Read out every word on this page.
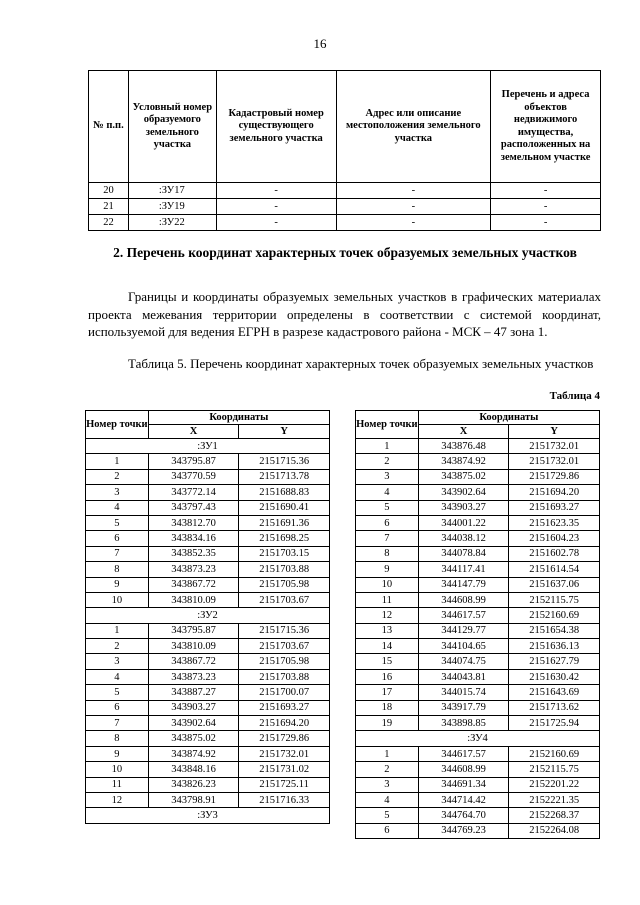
16
№ п.п.	Условный номер образуемого земельного участка	Кадастровый номер существующего земельного участка	Адрес или описание местоположения земельного участка	Перечень и адреса объектов недвижимого имущества, расположенных на земельном участке
20	:ЗУ17	-	-	-
21	:ЗУ19	-	-	-
22	:ЗУ22	-	-	-
2. Перечень координат характерных точек образуемых земельных участков
Границы и координаты образуемых земельных участков в графических материалах проекта межевания территории определены в соответствии с системой координат, используемой для ведения ЕГРН в разрезе кадастрового района - МСК – 47 зона 1.
Таблица 5. Перечень координат характерных точек образуемых земельных участков
Таблица 4
Номер точки	Координаты	
	X	Y
:ЗУ1		
1	343795.87	2151715.36
2	343770.59	2151713.78
3	343772.14	2151688.83
4	343797.43	2151690.41
5	343812.70	2151691.36
6	343834.16	2151698.25
7	343852.35	2151703.15
8	343873.23	2151703.88
9	343867.72	2151705.98
10	343810.09	2151703.67
:ЗУ2		
1	343795.87	2151715.36
2	343810.09	2151703.67
3	343867.72	2151705.98
4	343873.23	2151703.88
5	343887.27	2151700.07
6	343903.27	2151693.27
7	343902.64	2151694.20
8	343875.02	2151729.86
9	343874.92	2151732.01
10	343848.16	2151731.02
11	343826.23	2151725.11
12	343798.91	2151716.33
:ЗУ3		
Номер точки	Координаты	
	X	Y
1	343876.48	2151732.01
2	343874.92	2151732.01
3	343875.02	2151729.86
4	343902.64	2151694.20
5	343903.27	2151693.27
6	344001.22	2151623.35
7	344038.12	2151604.23
8	344078.84	2151602.78
9	344117.41	2151614.54
10	344147.79	2151637.06
11	344608.99	2152115.75
12	344617.57	2152160.69
13	344129.77	2151654.38
14	344104.65	2151636.13
15	344074.75	2151627.79
16	344043.81	2151630.42
17	344015.74	2151643.69
18	343917.79	2151713.62
19	343898.85	2151725.94
:ЗУ4		
1	344617.57	2152160.69
2	344608.99	2152115.75
3	344691.34	2152201.22
4	344714.42	2152221.35
5	344764.70	2152268.37
6	344769.23	2152264.08
